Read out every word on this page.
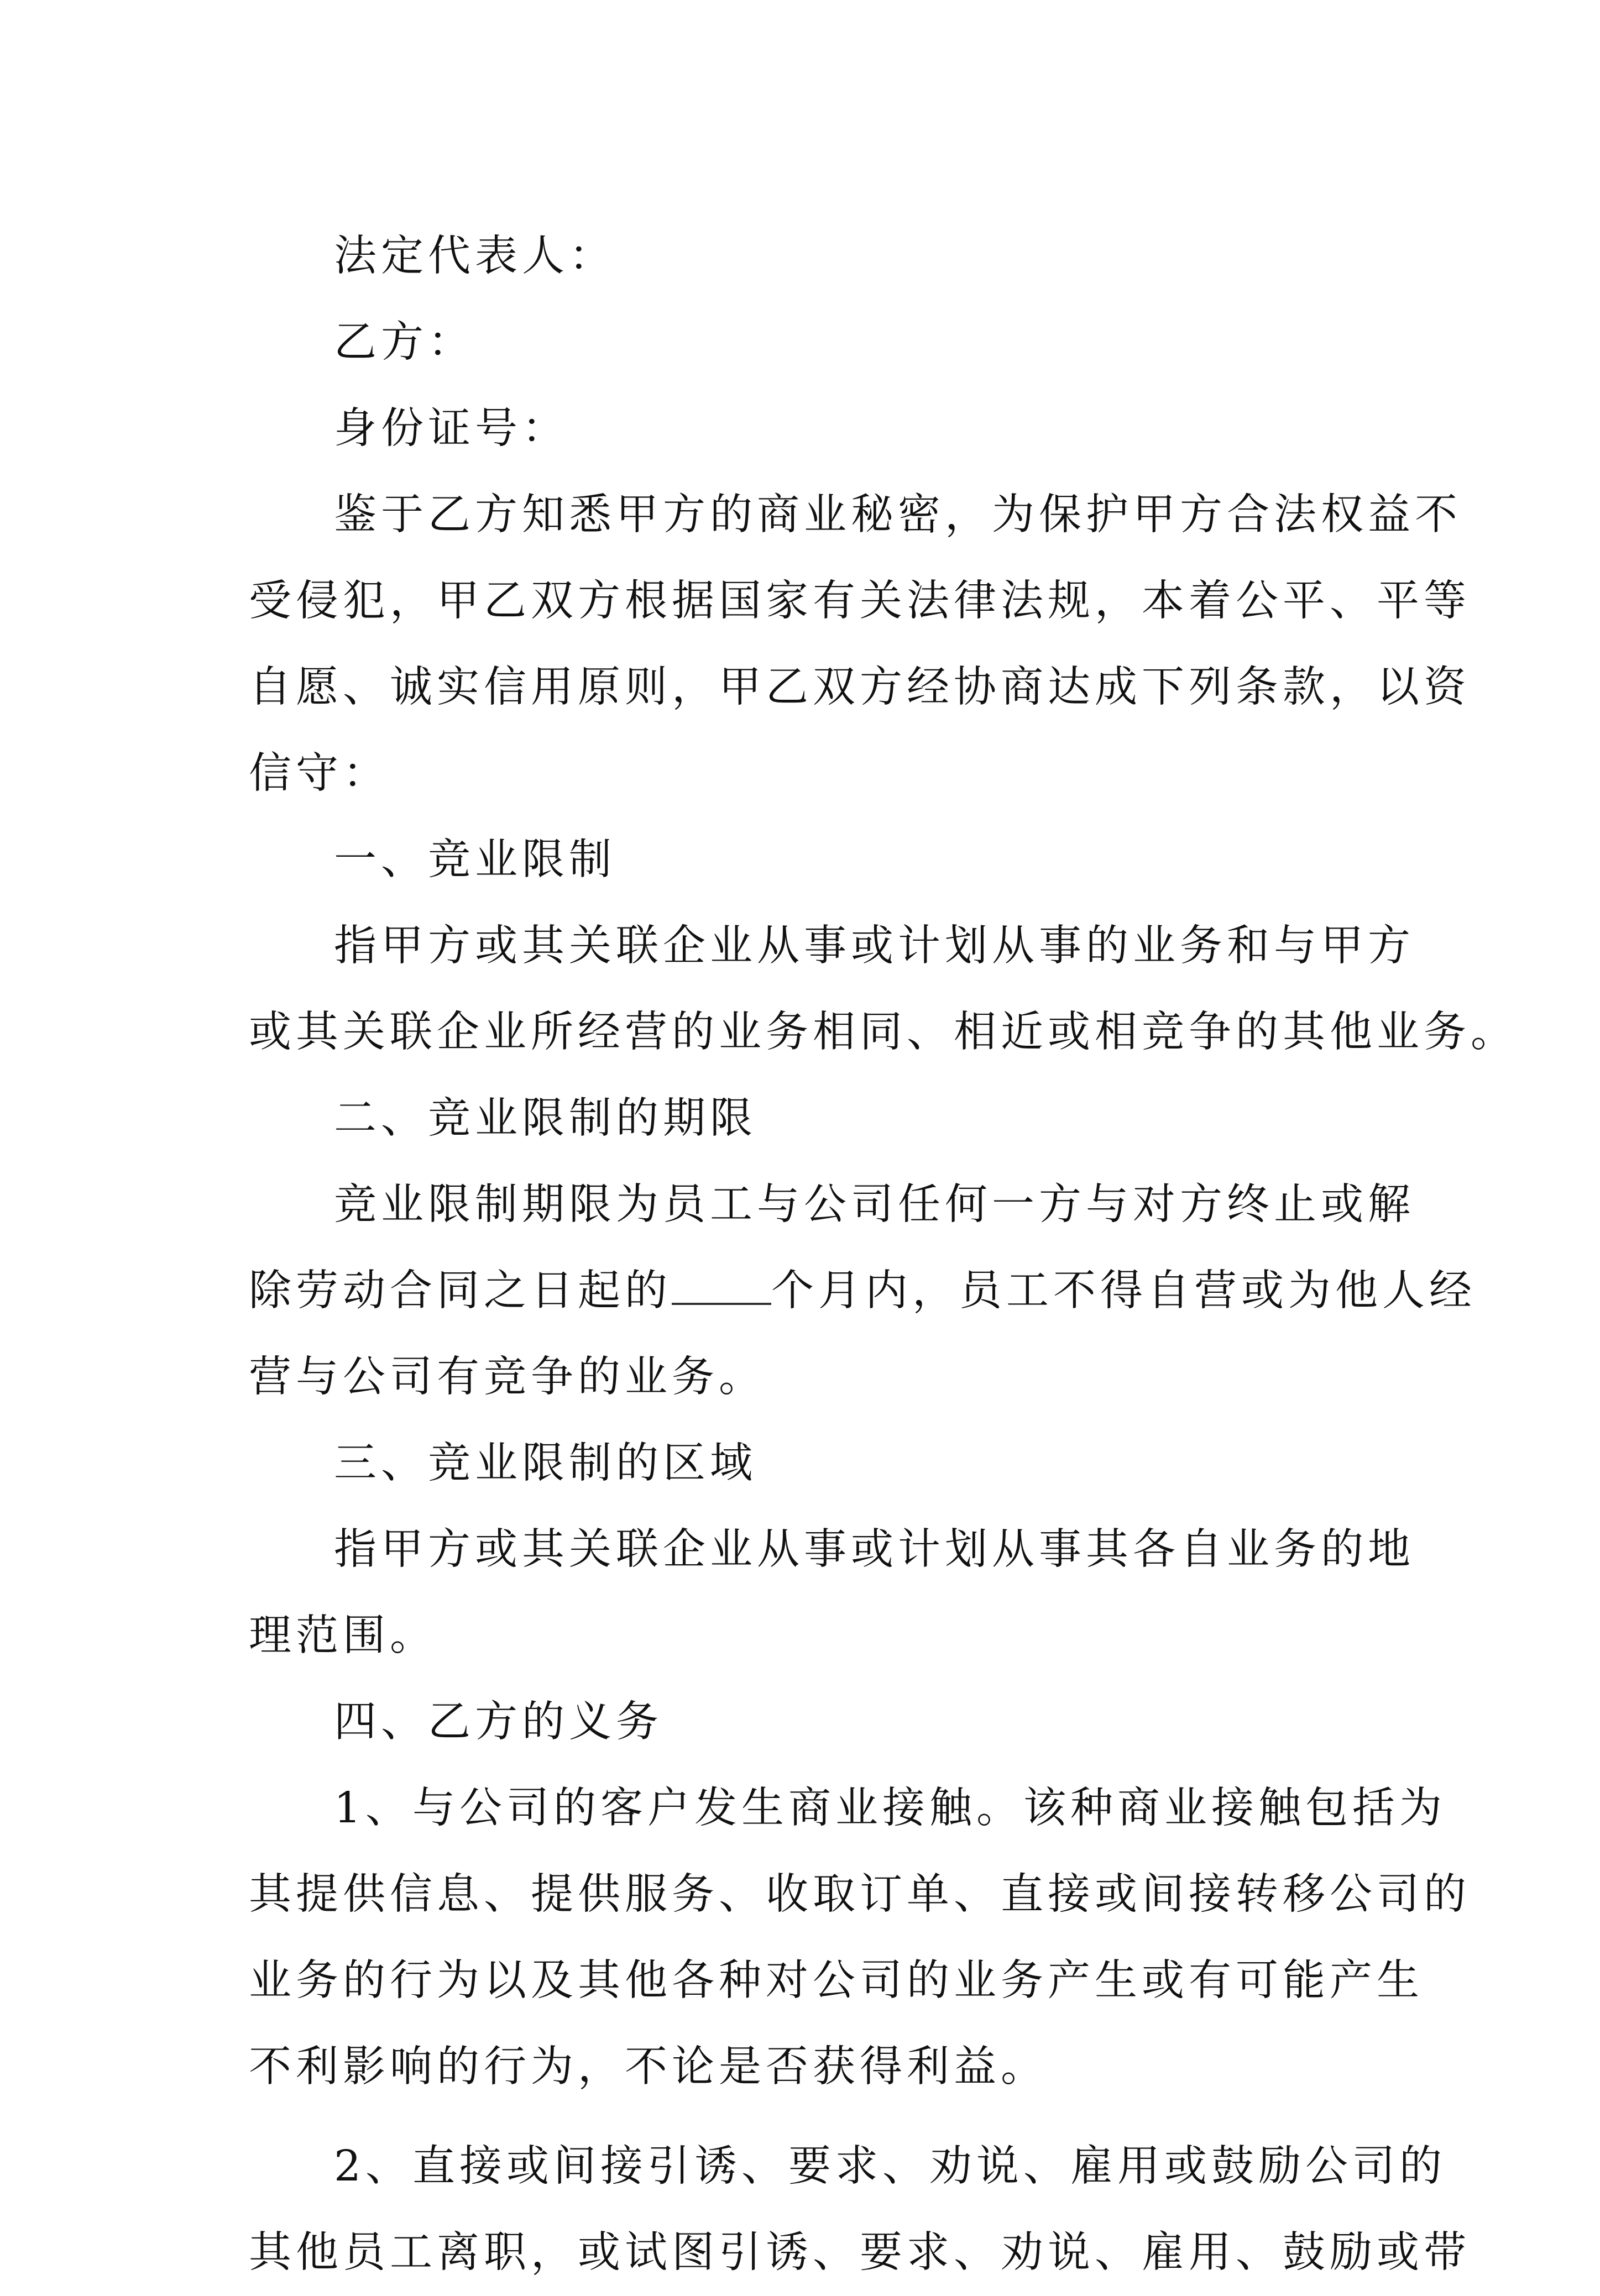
法定代表人：
乙方：
身份证号：
鉴于乙方知悉甲方的商业秘密，为保护甲方合法权益不
受侵犯，甲乙双方根据国家有关法律法规，本着公平、平等
自愿、诚实信用原则，甲乙双方经协商达成下列条款，以资
信守：
一、竞业限制
指甲方或其关联企业从事或计划从事的业务和与甲方
或其关联企业所经营的业务相同、相近或相竞争的其他业务。
二、竞业限制的期限
竞业限制期限为员工与公司任何一方与对方终止或解
除劳动合同之日起的 个月内，员工不得自营或为他人经
营与公司有竞争的业务。
三、竞业限制的区域
指甲方或其关联企业从事或计划从事其各自业务的地
理范围。
四、乙方的义务
1、与公司的客户发生商业接触。该种商业接触包括为
其提供信息、提供服务、收取订单、直接或间接转移公司的
业务的行为以及其他各种对公司的业务产生或有可能产生
不利影响的行为，不论是否获得利益。
2、直接或间接引诱、要求、劝说、雇用或鼓励公司的
其他员工离职，或试图引诱、要求、劝说、雇用、鼓励或带
